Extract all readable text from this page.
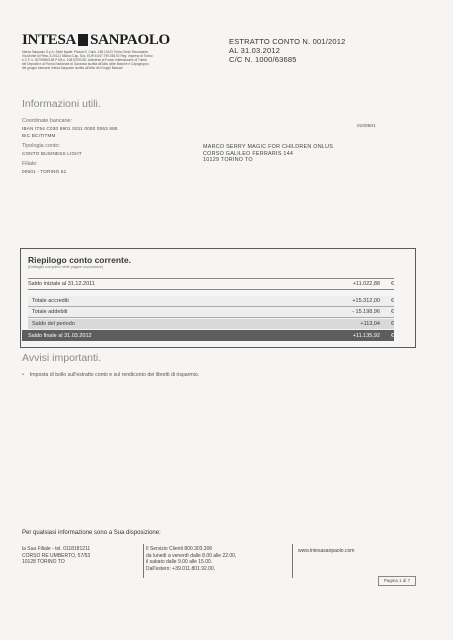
INTESA SANPAOLO
Intesa Sanpaolo S.p.A. Sede legale: Piazza S. Carlo, 156 10121 Torino Sede Secondaria
Via Monte di Pieta, 8 20121 Milano Cap. Soc. EUR 6.647.799.036,92 Reg. Imprese di Torino
e C.F. n. 00799960158 P.IVA n. 10810700152. Aderente al Fondo Interbancario di Tutela
dei Depositi e al Fondo Nazionale di Garanzia Iscritta all'Albo delle Banche e Capogruppo
del gruppo bancario Intesa Sanpaolo iscritto all'Albo dei Gruppi Bancari
ESTRATTO CONTO N. 001/2012
AL 31.03.2012
C/C N. 1000/63685
Informazioni utili.
Coordinate bancarie:
IBAN IT54 C030 6901 0011 0000 0063 685
BIC BCITITMM
Tipologia conto:
CONTO BUSINESS LIGHT
Filiale:
00501 - TORINO 61
0100501
MARCO SERRY MAGIC FOR CHILDREN ONLUS
CORSO GALILEO FERRARIS 144
10129 TORINO TO
Riepilogo conto corrente.
(Dettaglio completo nelle pagine successive)
Saldo iniziale al 31.12.2011	+11.022,88	€
Totale accrediti	+15.312,00	€
Totale addebiti	- 15.198,96	€
Saldo del periodo	+113,04	€
Saldo finale al 31.03.2012	+11.135,92	€
Avvisi importanti.
• Imposta di bollo sull'estratto conto e sul rendiconto dei libretti di risparmio.
Per qualsiasi informazione sono a Sua disposizione:
la Sua Filiale - tel. 0118181211
CORSO RE UMBERTO, 57/53
10128 TORINO TO
Il Servizio Clienti 800.303.306
da lunedì a venerdì dalle 8.00 alle 22.00,
il sabato dalle 9.00 alle 15.00.
Dall'estero: +39.011.801.92.00.
www.intesasanpaolo.com
Pagina 1 di 7
